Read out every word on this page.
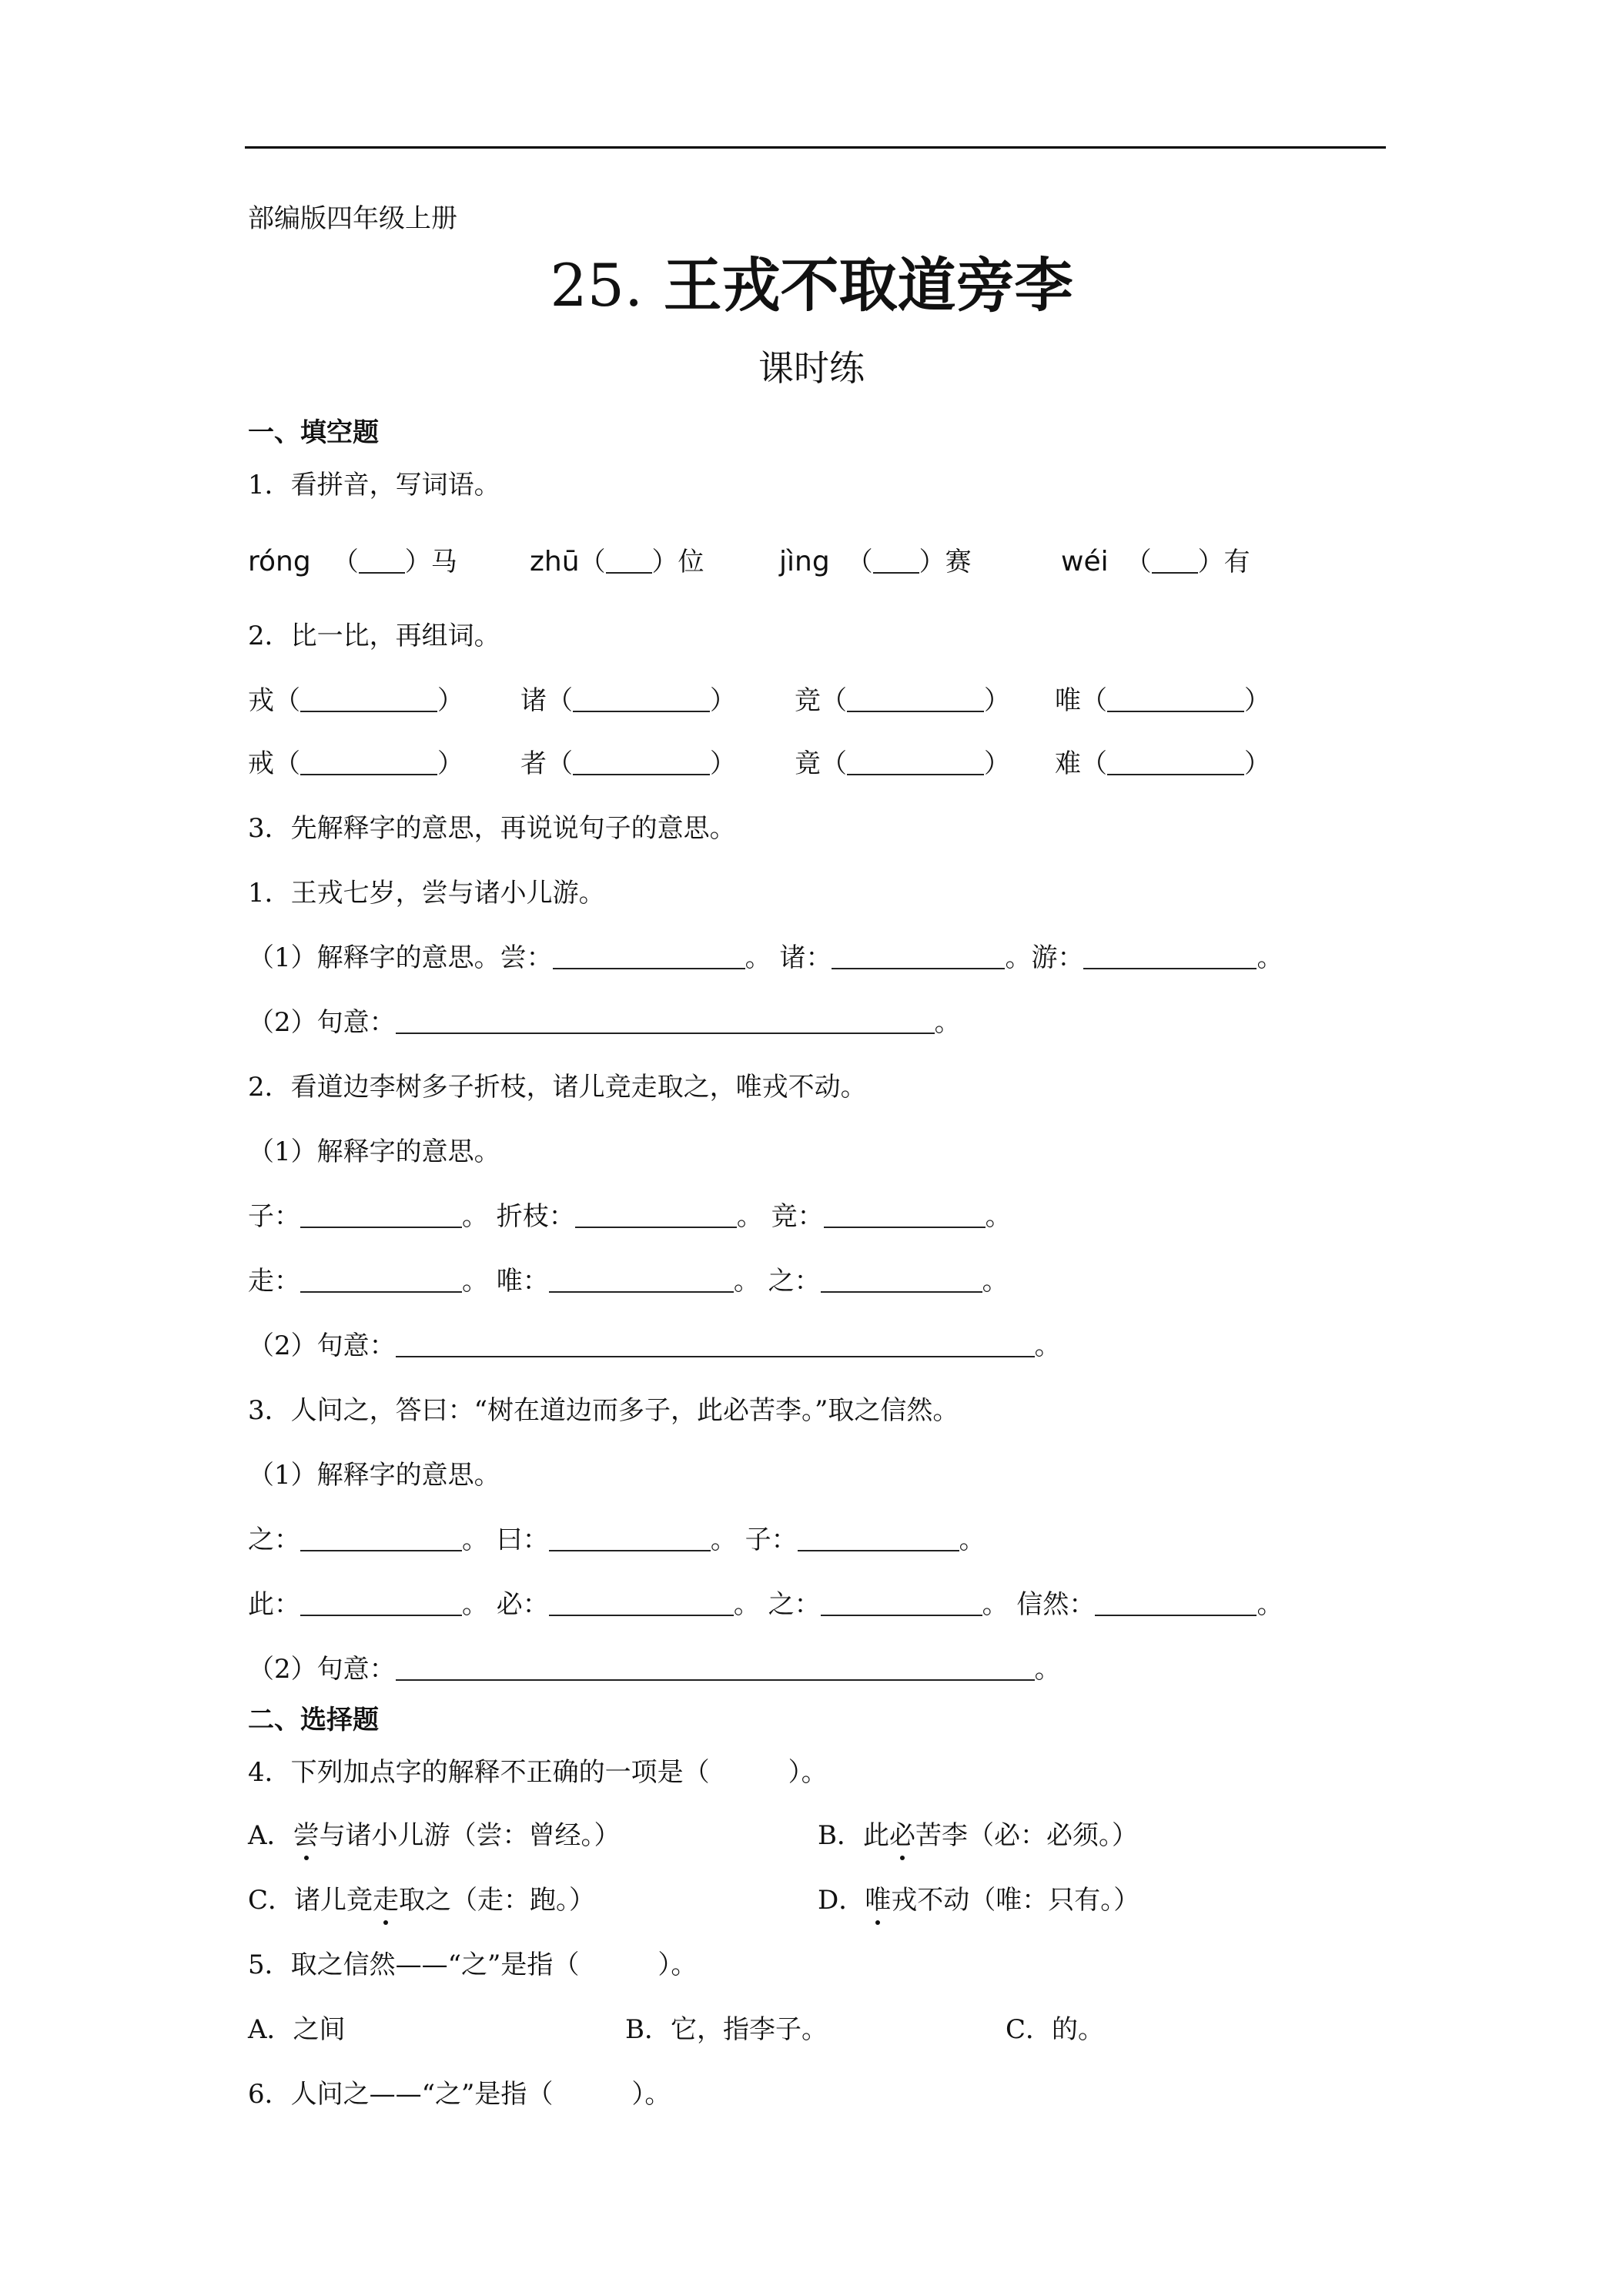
部编版四年级上册
25. 王戎不取道旁李
课时练
一、填空题
1．看拼音，写词语。
róng （ ）马	zhū（ ）位	jìng （ ）赛	wéi （ ）有
2．比一比，再组词。
戎（	） 诸（	） 竞（	） 唯（	）
戒（	） 者（	） 竟（	） 难（	）
3．先解释字的意思，再说说句子的意思。
1．王戎七岁，尝与诸小儿游。
（1）解释字的意思。尝：	。 诸：	。游：	。
（2）句意：	。
2．看道边李树多子折枝，诸儿竞走取之，唯戎不动。
（1）解释字的意思。
子：	。 折枝：	。 竞：	。
走：	。 唯：	。 之：	。
（2）句意：	。
3．人问之，答曰：“树在道边而多子，此必苦李。”取之信然。
（1）解释字的意思。
之：	。 曰：	。 子：	。
此：	。 必：	。 之：	。 信然：	。
（2）句意：	。
二、选择题
4．下列加点字的解释不正确的一项是（　　　）。
A．尝与诸小儿游（尝：曾经。）	B．此必苦李（必：必须。）
C．诸儿竞走取之（走：跑。）	D．唯戎不动（唯：只有。）
5．取之信然——“之”是指（　　　）。
A．之间	B．它，指李子。	C．的。
6．人问之——“之”是指（　　　）。
